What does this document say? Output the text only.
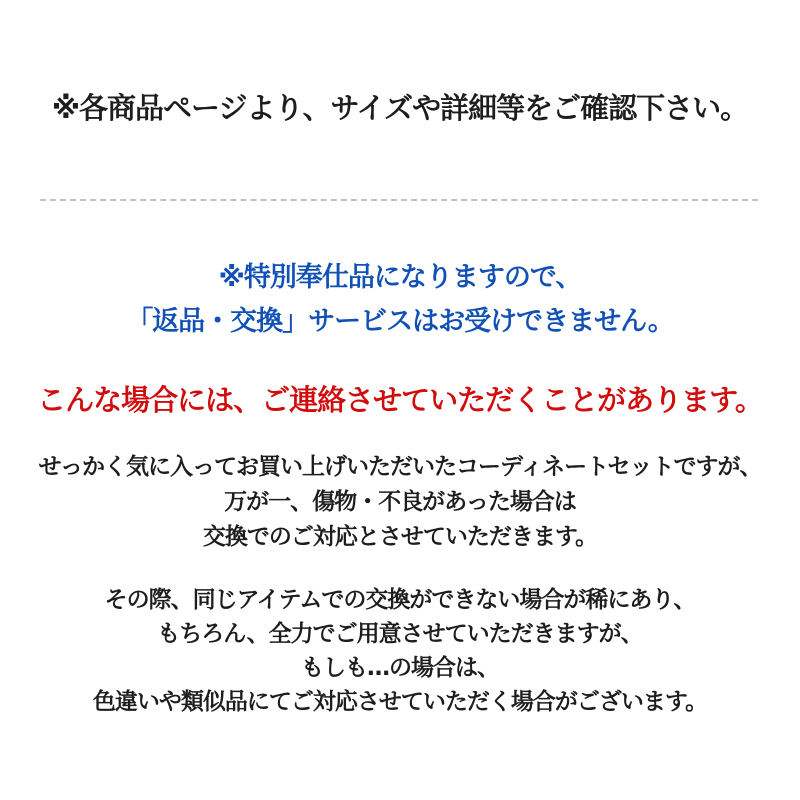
※各商品ページより、サイズや詳細等をご確認下さい。
※特別奉仕品になりますので、
「返品・交換」サービスはお受けできません。
こんな場合には、ご連絡させていただくことがあります。
せっかく気に入ってお買い上げいただいたコーディネートセットですが、
万が一、傷物・不良があった場合は
交換でのご対応とさせていただきます。
その際、同じアイテムでの交換ができない場合が稀にあり、
もちろん、全力でご用意させていただきますが、
もしも…の場合は、
色違いや類似品にてご対応させていただく場合がございます。
